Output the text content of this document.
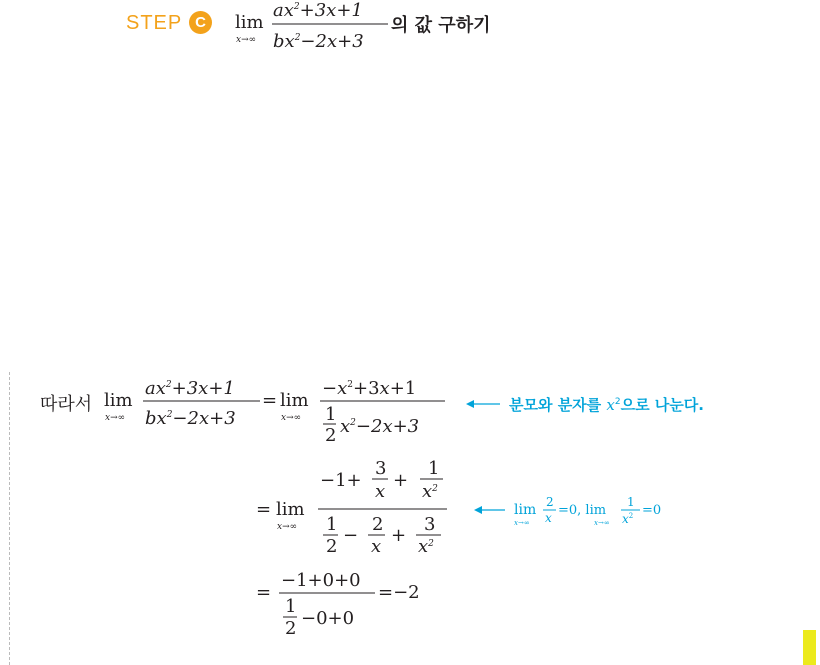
STEP C	의 값 구하기
따라서
lim
x→∞
$ax^2+3x+1$
$bx^2-2x+3$
lim
x→∞
$ax^2+3x+1$
$bx^2-2x+3$
= lim
x→∞
$-x^2+3x+1$
1
2 $x^2-2x+3$
= lim
x→∞
−1+
3
x
+
1
$x^2$
1
2
−
2
x
+
3
$x^2$
lim
x→∞
2
x =0, lim
x→∞
1
$x^2 =0$
=
−1+0+0
1
2 −0+0
=−2
분모와 분자를 $x^2$으로 나눈다.
